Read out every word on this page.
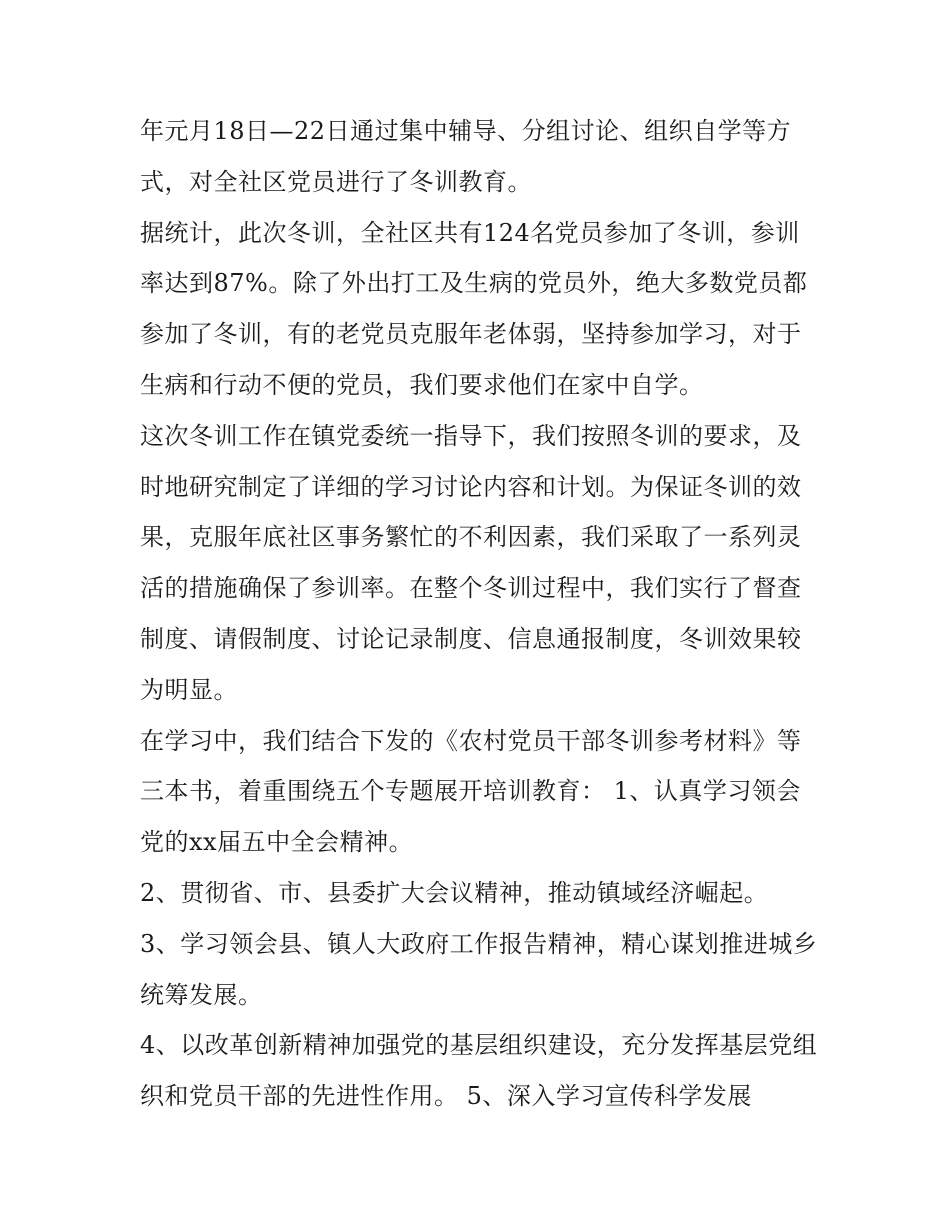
年元月18日—22日通过集中辅导、分组讨论、组织自学等方式，对全社区党员进行了冬训教育。

据统计，此次冬训，全社区共有124名党员参加了冬训，参训率达到87%。除了外出打工及生病的党员外，绝大多数党员都参加了冬训，有的老党员克服年老体弱，坚持参加学习，对于生病和行动不便的党员，我们要求他们在家中自学。

这次冬训工作在镇党委统一指导下，我们按照冬训的要求，及时地研究制定了详细的学习讨论内容和计划。为保证冬训的效果，克服年底社区事务繁忙的不利因素，我们采取了一系列灵活的措施确保了参训率。在整个冬训过程中，我们实行了督查制度、请假制度、讨论记录制度、信息通报制度，冬训效果较为明显。

在学习中，我们结合下发的《农村党员干部冬训参考材料》等三本书，着重围绕五个专题展开培训教育： 1、认真学习领会党的xx届五中全会精神。

2、贯彻省、市、县委扩大会议精神，推动镇域经济崛起。

3、学习领会县、镇人大政府工作报告精神，精心谋划推进城乡统筹发展。

4、以改革创新精神加强党的基层组织建设，充分发挥基层党组织和党员干部的先进性作用。 5、深入学习宣传科学发展
